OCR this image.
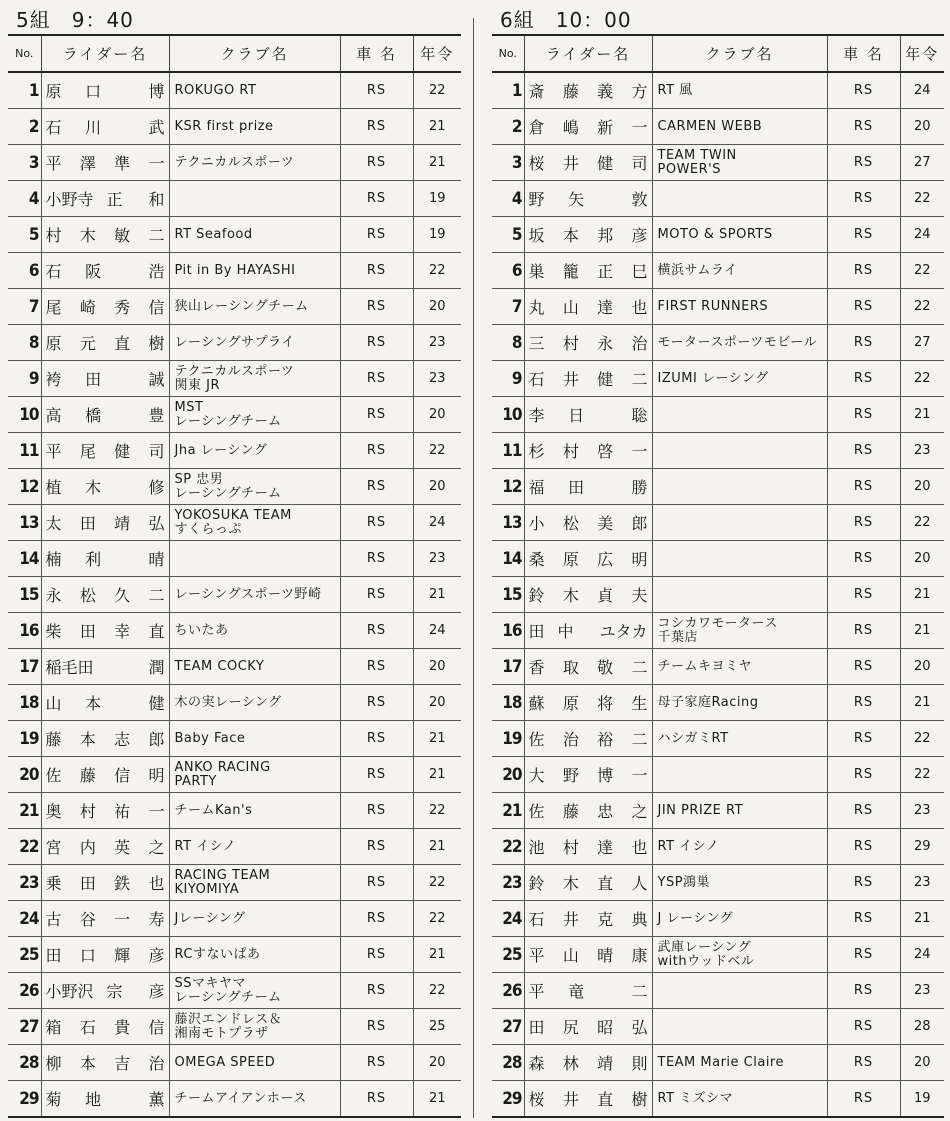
5組　9：40
No.	ライダー名	クラブ名	車 名	年令
1	原 口 博	ROKUGO RT	RS	22
2	石 川 武	KSR first prize	RS	21
3	平 澤 準 一	テクニカルスポーツ	RS	21
4	小野寺 正 和		RS	19
5	村 木 敏 二	RT Seafood	RS	19
6	石 阪 浩	Pit in By HAYASHI	RS	22
7	尾 崎 秀 信	狭山レーシングチーム	RS	20
8	原 元 直 樹	レーシングサプライ	RS	23
9	袴 田 誠	テクニカルスポーツ
関東 JR	RS	23
10	高 橋 豊	MST
レーシングチーム	RS	20
11	平 尾 健 司	Jha レーシング	RS	22
12	植 木 修	SP 忠男
レーシングチーム	RS	20
13	太 田 靖 弘	YOKOSUKA TEAM
すくらっぷ	RS	24
14	楠 利 晴		RS	23
15	永 松 久 二	レーシングスポーツ野崎	RS	21
16	柴 田 幸 直	ちいたあ	RS	24
17	稲毛田 潤	TEAM COCKY	RS	20
18	山 本 健	木の実レーシング	RS	20
19	藤 本 志 郎	Baby Face	RS	21
20	佐 藤 信 明	ANKO RACING
PARTY	RS	21
21	奥 村 祐 一	チームKan's	RS	22
22	宮 内 英 之	RT イシノ	RS	21
23	乗 田 鉄 也	RACING TEAM
KIYOMIYA	RS	22
24	古 谷 一 寿	Jレーシング	RS	22
25	田 口 輝 彦	RCすないぱあ	RS	21
26	小野沢 宗 彦	SSマキヤマ
レーシングチーム	RS	22
27	箱 石 貴 信	藤沢エンドレス＆
湘南モトプラザ	RS	25
28	柳 本 吉 治	OMEGA SPEED	RS	20
29	菊 地 薫	チームアイアンホース	RS	21
6組　10：00
No.	ライダー名	クラブ名	車 名	年令
1	斎 藤 義 方	RT 風	RS	24
2	倉 嶋 新 一	CARMEN WEBB	RS	20
3	桜 井 健 司	TEAM TWIN
POWER'S	RS	27
4	野 矢 敦		RS	22
5	坂 本 邦 彦	MOTO & SPORTS	RS	24
6	巣 籠 正 巳	横浜サムライ	RS	22
7	丸 山 達 也	FIRST RUNNERS	RS	22
8	三 村 永 治	モータースポーツモビール	RS	27
9	石 井 健 二	IZUMI レーシング	RS	22
10	李 日 聡		RS	21
11	杉 村 啓 一		RS	23
12	福 田 勝		RS	20
13	小 松 美 郎		RS	22
14	桑 原 広 明		RS	20
15	鈴 木 貞 夫		RS	21
16	田 中 ユタカ	コシカワモータース
千葉店	RS	21
17	香 取 敬 二	チームキヨミヤ	RS	20
18	蘇 原 将 生	母子家庭Racing	RS	21
19	佐 治 裕 二	ハシガミRT	RS	22
20	大 野 博 一		RS	22
21	佐 藤 忠 之	JIN PRIZE RT	RS	23
22	池 村 達 也	RT イシノ	RS	29
23	鈴 木 直 人	YSP鴻巣	RS	23
24	石 井 克 典	J レーシング	RS	21
25	平 山 晴 康	武庫レーシング
withウッドベル	RS	24
26	平 竜 二		RS	23
27	田 尻 昭 弘		RS	28
28	森 林 靖 則	TEAM Marie Claire	RS	20
29	桜 井 直 樹	RT ミズシマ	RS	19
